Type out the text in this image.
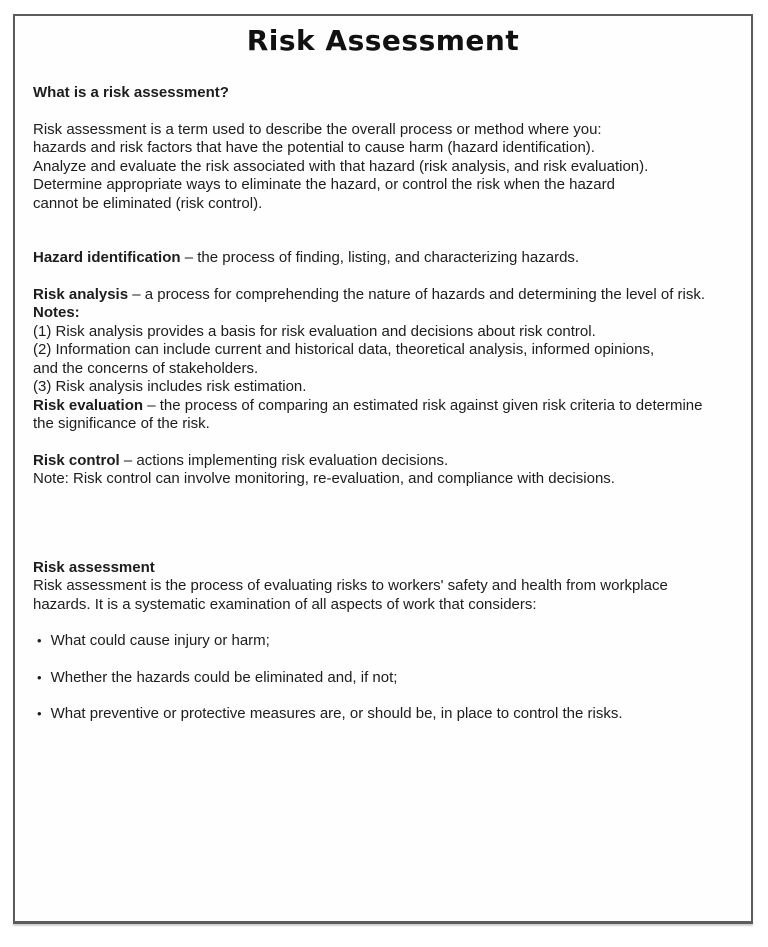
Risk Assessment
What is a risk assessment?
Risk assessment is a term used to describe the overall process or method where you:
hazards and risk factors that have the potential to cause harm (hazard identification).
Analyze and evaluate the risk associated with that hazard (risk analysis, and risk evaluation).
Determine appropriate ways to eliminate the hazard, or control the risk when the hazard
cannot be eliminated (risk control).
Hazard identification – the process of finding, listing, and characterizing hazards.
Risk analysis – a process for comprehending the nature of hazards and determining the level of risk.
Notes:
(1) Risk analysis provides a basis for risk evaluation and decisions about risk control.
(2) Information can include current and historical data, theoretical analysis, informed opinions,
and the concerns of stakeholders.
(3) Risk analysis includes risk estimation.
Risk evaluation – the process of comparing an estimated risk against given risk criteria to determine
the significance of the risk.
Risk control – actions implementing risk evaluation decisions.
Note: Risk control can involve monitoring, re-evaluation, and compliance with decisions.
Risk assessment
Risk assessment is the process of evaluating risks to workers' safety and health from workplace
hazards. It is a systematic examination of all aspects of work that considers:
• What could cause injury or harm;
• Whether the hazards could be eliminated and, if not;
• What preventive or protective measures are, or should be, in place to control the risks.
